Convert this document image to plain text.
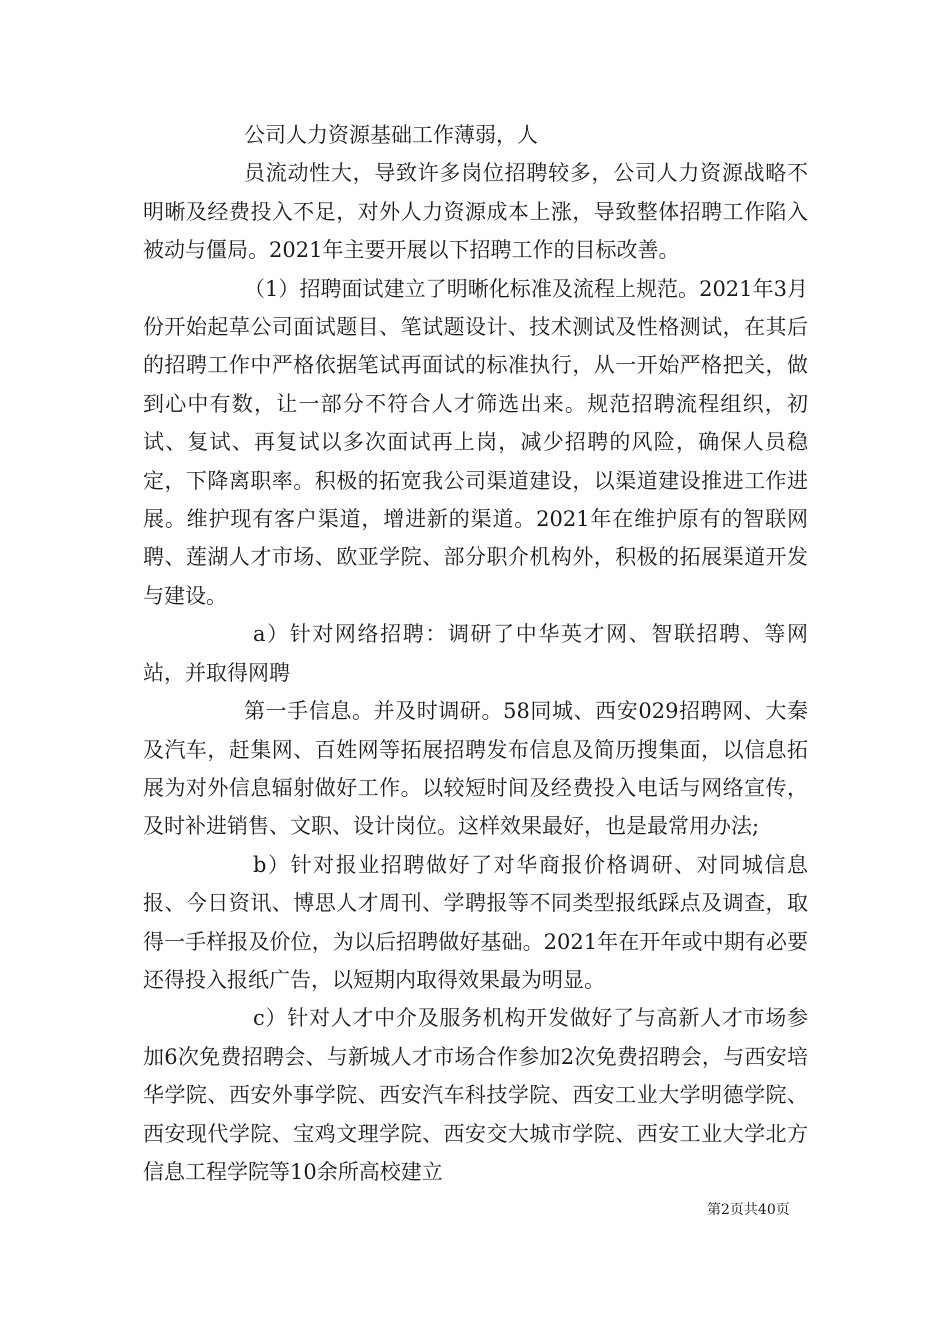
公司人力资源基础工作薄弱，人

员流动性大，导致许多岗位招聘较多，公司人力资源战略不明晰及经费投入不足，对外人力资源成本上涨，导致整体招聘工作陷入被动与僵局。2021年主要开展以下招聘工作的目标改善。

（1）招聘面试建立了明晰化标准及流程上规范。2021年3月份开始起草公司面试题目、笔试题设计、技术测试及性格测试，在其后的招聘工作中严格依据笔试再面试的标准执行，从一开始严格把关，做到心中有数，让一部分不符合人才筛选出来。规范招聘流程组织，初试、复试、再复试以多次面试再上岗，减少招聘的风险，确保人员稳定，下降离职率。积极的拓宽我公司渠道建设，以渠道建设推进工作进展。维护现有客户渠道，增进新的渠道。2021年在维护原有的智联网聘、莲湖人才市场、欧亚学院、部分职介机构外，积极的拓展渠道开发与建设。

a）针对网络招聘：调研了中华英才网、智联招聘、等网站，并取得网聘

第一手信息。并及时调研。58同城、西安029招聘网、大秦及汽车，赶集网、百姓网等拓展招聘发布信息及简历搜集面，以信息拓展为对外信息辐射做好工作。以较短时间及经费投入电话与网络宣传，及时补进销售、文职、设计岗位。这样效果最好，也是最常用办法;

b）针对报业招聘做好了对华商报价格调研、对同城信息报、今日资讯、博思人才周刊、学聘报等不同类型报纸踩点及调查，取得一手样报及价位，为以后招聘做好基础。2021年在开年或中期有必要还得投入报纸广告，以短期内取得效果最为明显。

c）针对人才中介及服务机构开发做好了与高新人才市场参加6次免费招聘会、与新城人才市场合作参加2次免费招聘会，与西安培华学院、西安外事学院、西安汽车科技学院、西安工业大学明德学院、西安现代学院、宝鸡文理学院、西安交大城市学院、西安工业大学北方信息工程学院等10余所高校建立

第2页共40页
